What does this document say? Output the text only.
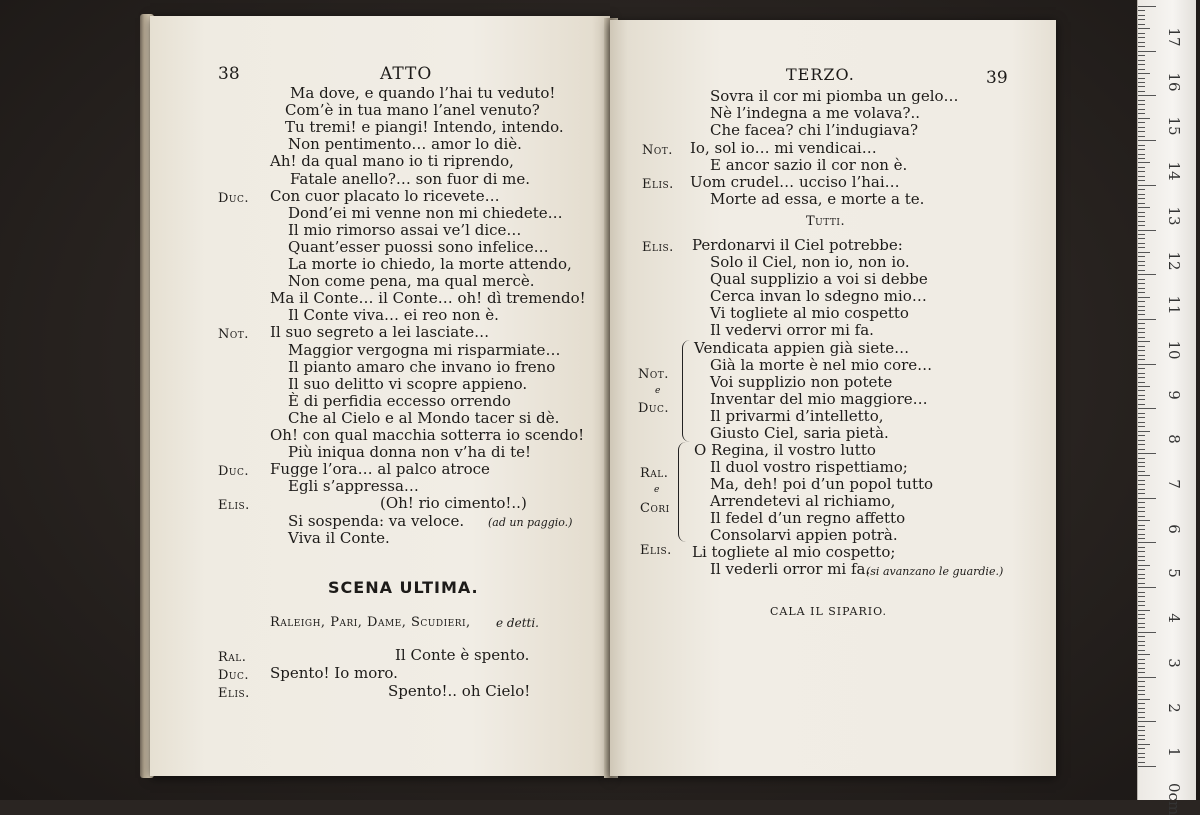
17
16
15
14
13
12
11
10
9
8
7
6
5
4
3
2
1
0cm
38	ATTO
Ma dove, e quando l’hai tu veduto!
Com’è in tua mano l’anel venuto?
Tu tremi! e piangi! Intendo, intendo.
Non pentimento… amor lo diè.
Ah! da qual mano io ti riprendo,
Fatale anello?… son fuor di me.
Duc. Con cuor placato lo ricevete…
Dond’ei mi venne non mi chiedete…
Il mio rimorso assai ve’l dice…
Quant’esser puossi sono infelice…
La morte io chiedo, la morte attendo,
Non come pena, ma qual mercè.
Ma il Conte… il Conte… oh! dì tremendo!
Il Conte viva… ei reo non è.
Not. Il suo segreto a lei lasciate…
Maggior vergogna mi risparmiate…
Il pianto amaro che invano io freno
Il suo delitto vi scopre appieno.
È di perfidia eccesso orrendo
Che al Cielo e al Mondo tacer si dè.
Oh! con qual macchia sotterra io scendo!
Più iniqua donna non v’ha di te!
Duc. Fugge l’ora… al palco atroce
Egli s’appressa…
Elis.	(Oh! rio cimento!..)
Si sospenda: va veloce.
Viva il Conte.
(ad un paggio.)
SCENA ULTIMA.
Raleigh, Pari, Dame, Scudieri, e detti.
Ral.	Il Conte è spento.
Duc. Spento! Io moro.
Elis.	Spento!.. oh Cielo!
39
TERZO.
Sovra il cor mi piomba un gelo…
Nè l’indegna a me volava?..
Che facea? chi l’indugiava?
Not. Io, sol io… mi vendicai…
E ancor sazio il cor non è.
Elis. Uom crudel… ucciso l’hai…
Morte ad essa, e morte a te.
Tutti.
Elis. Perdonarvi il Ciel potrebbe:
Solo il Ciel, non io, non io.
Qual supplizio a voi si debbe
Cerca invan lo sdegno mio…
Vi togliete al mio cospetto
Il vedervi orror mi fa.
Not.
e
Duc.
Vendicata appien già siete…
Già la morte è nel mio core…
Voi supplizio non potete
Inventar del mio maggiore…
Il privarmi d’intelletto,
Giusto Ciel, saria pietà.
Ral.
e
Cori
O Regina, il vostro lutto
Il duol vostro rispettiamo;
Ma, deh! poi d’un popol tutto
Arrendetevi al richiamo,
Il fedel d’un regno affetto
Consolarvi appien potrà.
Elis. Li togliete al mio cospetto;
Il vederli orror mi fa.
(si avanzano le guardie.)
CALA IL SIPARIO.
